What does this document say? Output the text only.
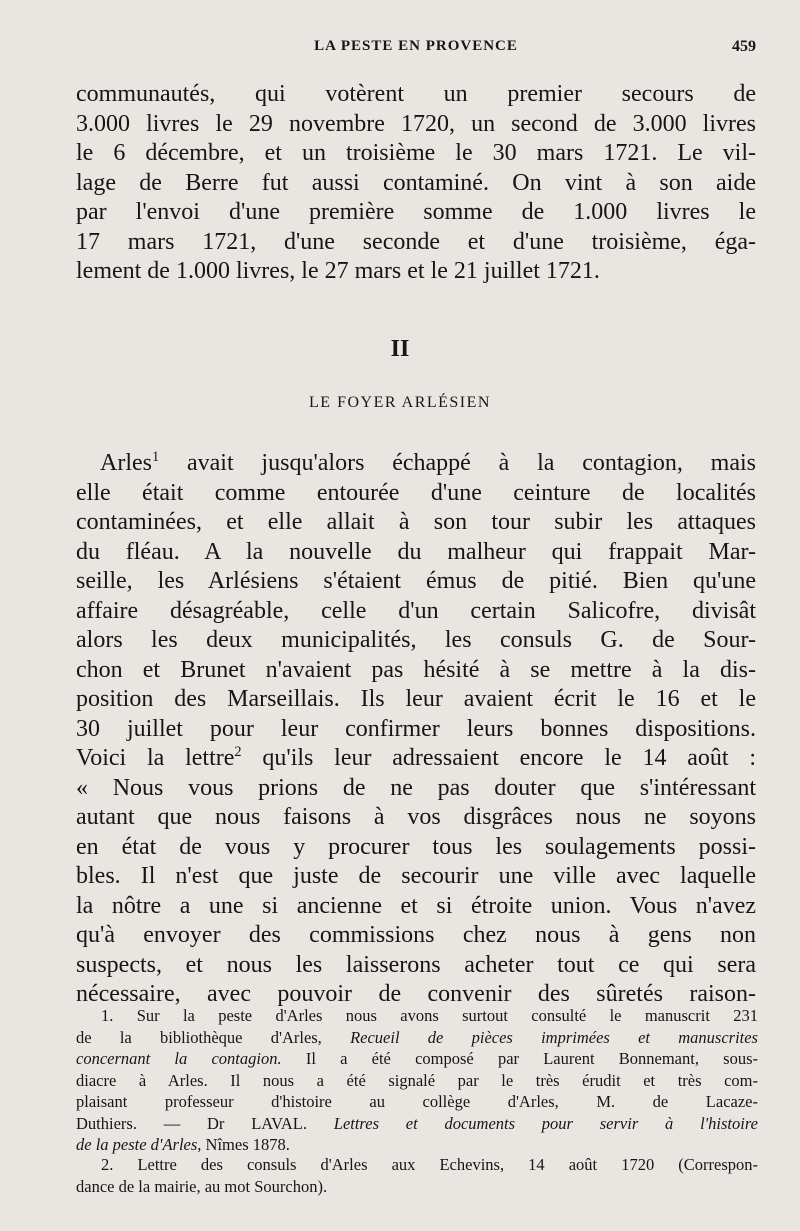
LA PESTE EN PROVENCE	459
communautés, qui votèrent un premier secours de
3.000 livres le 29 novembre 1720, un second de 3.000 livres
le 6 décembre, et un troisième le 30 mars 1721. Le vil-
lage de Berre fut aussi contaminé. On vint à son aide
par l'envoi d'une première somme de 1.000 livres le
17 mars 1721, d'une seconde et d'une troisième, éga-
lement de 1.000 livres, le 27 mars et le 21 juillet 1721.
II
LE FOYER ARLÉSIEN
Arles$^1$ avait jusqu'alors échappé à la contagion, mais
elle était comme entourée d'une ceinture de localités
contaminées, et elle allait à son tour subir les attaques
du fléau. A la nouvelle du malheur qui frappait Mar-
seille, les Arlésiens s'étaient émus de pitié. Bien qu'une
affaire désagréable, celle d'un certain Salicofre, divisât
alors les deux municipalités, les consuls G. de Sour-
chon et Brunet n'avaient pas hésité à se mettre à la dis-
position des Marseillais. Ils leur avaient écrit le 16 et le
30 juillet pour leur confirmer leurs bonnes dispositions.
Voici la lettre$^2$ qu'ils leur adressaient encore le 14 août :
« Nous vous prions de ne pas douter que s'intéressant
autant que nous faisons à vos disgrâces nous ne soyons
en état de vous y procurer tous les soulagements possi-
bles. Il n'est que juste de secourir une ville avec laquelle
la nôtre a une si ancienne et si étroite union. Vous n'avez
qu'à envoyer des commissions chez nous à gens non
suspects, et nous les laisserons acheter tout ce qui sera
nécessaire, avec pouvoir de convenir des sûretés raison-
1. Sur la peste d'Arles nous avons surtout consulté le manuscrit 231
de la bibliothèque d'Arles, Recueil de pièces imprimées et manuscrites
concernant la contagion. Il a été composé par Laurent Bonnemant, sous-
diacre à Arles. Il nous a été signalé par le très érudit et très com-
plaisant professeur d'histoire au collège d'Arles, M. de Lacaze-
Duthiers. — Dr LAVAL. Lettres et documents pour servir à l'histoire
de la peste d'Arles, Nîmes 1878.
2. Lettre des consuls d'Arles aux Echevins, 14 août 1720 (Correspon-
dance de la mairie, au mot Sourchon).
